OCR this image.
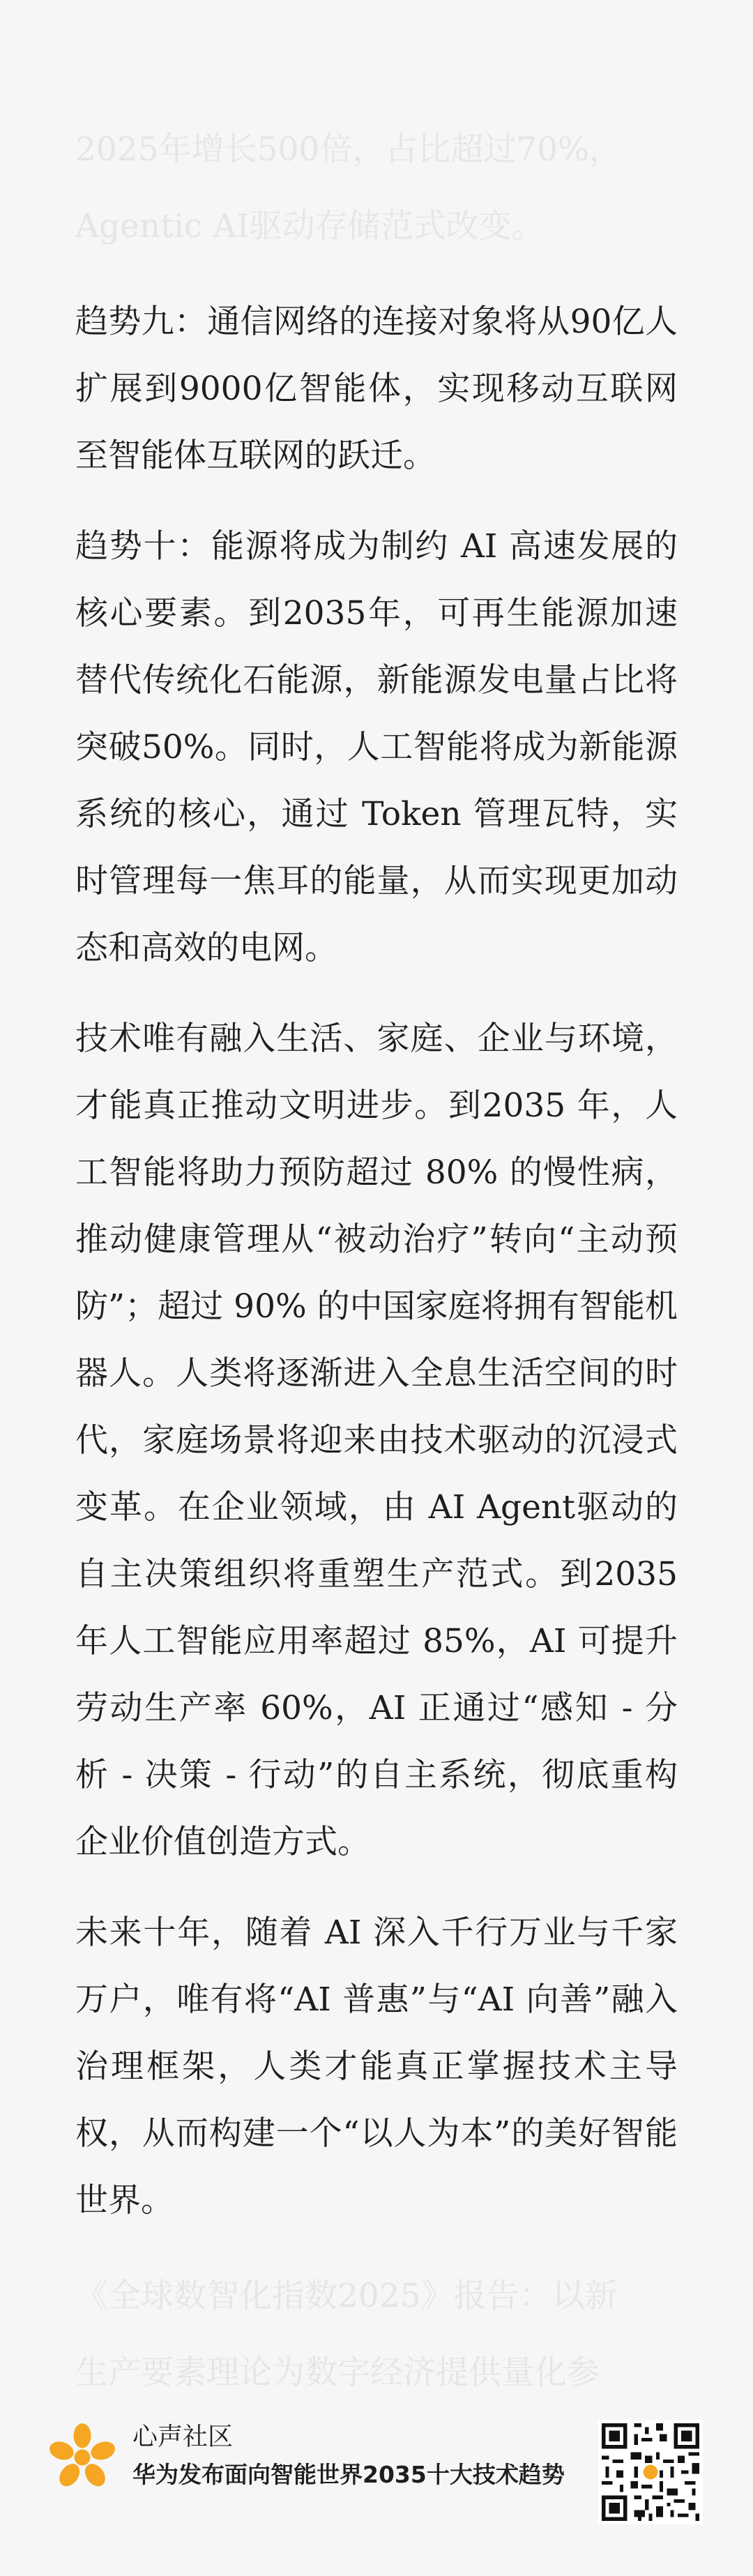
2025年增长500倍，占比超过70%，
Agentic AI驱动存储范式改变。

趋势九：通信网络的连接对象将从90亿人扩展到9000亿智能体，实现移动互联网至智能体互联网的跃迁。

趋势十：能源将成为制约 AI 高速发展的核心要素。到2035年，可再生能源加速替代传统化石能源，新能源发电量占比将突破50%。同时，人工智能将成为新能源系统的核心，通过 Token 管理瓦特，实时管理每一焦耳的能量，从而实现更加动态和高效的电网。

技术唯有融入生活、家庭、企业与环境，才能真正推动文明进步。到2035 年，人工智能将助力预防超过 80% 的慢性病，推动健康管理从“被动治疗”转向“主动预防”；超过 90% 的中国家庭将拥有智能机器人。人类将逐渐进入全息生活空间的时代，家庭场景将迎来由技术驱动的沉浸式变革。在企业领域，由 AI Agent驱动的自主决策组织将重塑生产范式。到2035 年人工智能应用率超过 85%，AI 可提升劳动生产率 60%，AI 正通过“感知 - 分析 - 决策 - 行动”的自主系统，彻底重构企业价值创造方式。

未来十年，随着 AI 深入千行万业与千家万户，唯有将“AI 普惠”与“AI 向善”融入治理框架，人类才能真正掌握技术主导权，从而构建一个“以人为本”的美好智能世界。

《全球数智化指数2025》报告：以新
生产要素理论为数字经济提供量化参
心声社区
华为发布面向智能世界2035十大技术趋势
